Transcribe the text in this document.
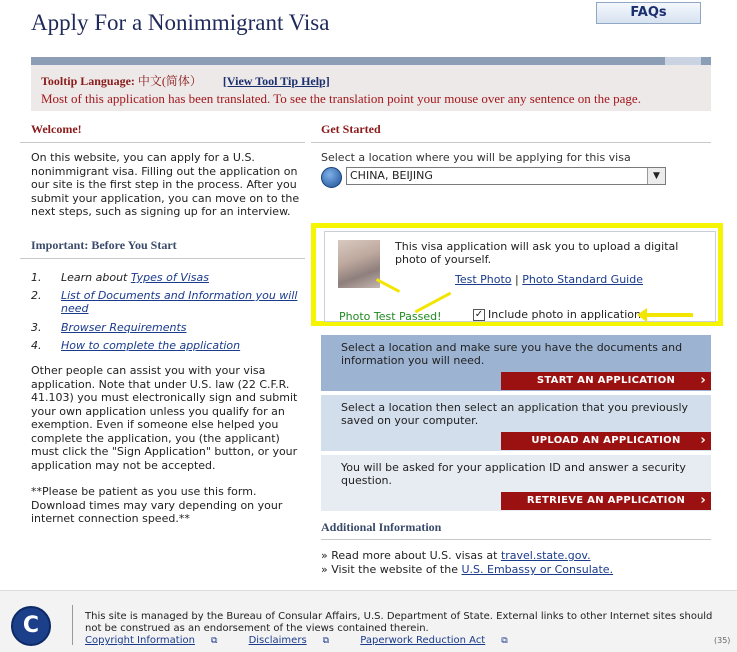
Apply For a Nonimmigrant Visa	FAQs
Tooltip Language: 中文(简体） [View Tool Tip Help]
Most of this application has been translated. To see the translation point your mouse over any sentence on the page.
Welcome!
On this website, you can apply for a U.S. nonimmigrant visa. Filling out the application on our site is the first step in the process. After you submit your application, you can move on to the next steps, such as signing up for an interview.
Important: Before You Start
1.	Learn about Types of Visas
2.	List of Documents and Information you will need
3.	Browser Requirements
4.	How to complete the application
Other people can assist you with your visa application. Note that under U.S. law (22 C.F.R. 41.103) you must electronically sign and submit your own application unless you qualify for an exemption. Even if someone else helped you complete the application, you (the applicant) must click the "Sign Application" button, or your application may not be accepted.
**Please be patient as you use this form. Download times may vary depending on your internet connection speed.**
Get Started
Select a location where you will be applying for this visa
CHINA, BEIJING	▼
This visa application will ask you to upload a digital photo of yourself.
Test Photo | Photo Standard Guide
Photo Test Passed!	✓ Include photo in application
Select a location and make sure you have the documents and information you will need.
START AN APPLICATION ›
Select a location then select an application that you previously saved on your computer.
UPLOAD AN APPLICATION ›
You will be asked for your application ID and answer a security question.
RETRIEVE AN APPLICATION ›
Additional Information
» Read more about U.S. visas at travel.state.gov.
» Visit the website of the U.S. Embassy or Consulate.
C	This site is managed by the Bureau of Consular Affairs, U.S. Department of State. External links to other Internet sites should not be construed as an endorsement of the views contained therein.
Copyright Information ⧉	Disclaimers ⧉	Paperwork Reduction Act ⧉	(35)
